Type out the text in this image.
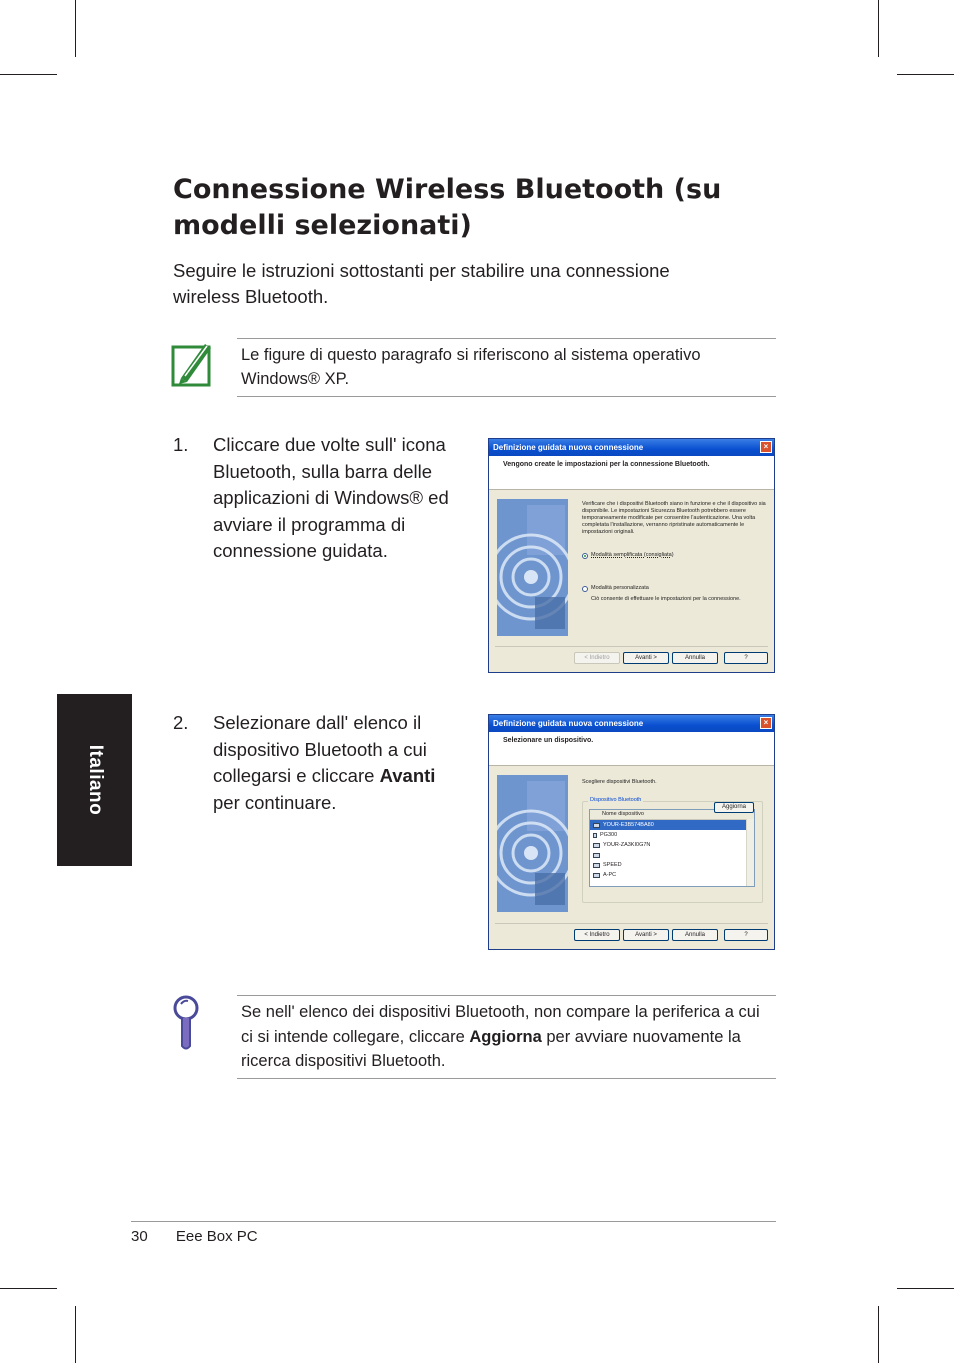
Connessione Wireless Bluetooth (su modelli selezionati)

Seguire le istruzioni sottostanti per stabilire una connessione wireless Bluetooth.

Italiano

Le figure di questo paragrafo si riferiscono al sistema operativo Windows® XP.

1. Cliccare due volte sull' icona Bluetooth, sulla barra delle applicazioni di Windows® ed avviare il programma di connessione guidata.
Definizione guidata nuova connessione	×
Vengono create le impostazioni per la connessione Bluetooth.
Verificare che i dispositivi Bluetooth siano in funzione e che il dispositivo sia disponibile. Le impostazioni Sicurezza Bluetooth potrebbero essere temporaneamente modificate per consentire l'autenticazione. Una volta completata l'installazione, verranno ripristinate automaticamente le impostazioni originali.
Modalità semplificata (consigliata)
Modalità personalizzata
Ciò consente di effettuare le impostazioni per la connessione.
< Indietro	Avanti >	Annulla	?
2. Selezionare dall' elenco il dispositivo Bluetooth a cui collegarsi e cliccare Avanti per continuare.
Definizione guidata nuova connessione	×
Selezionare un dispositivo.
Scegliere dispositivi Bluetooth.
Dispositivo Bluetooth
Nome dispositivo
YOUR-E3B574BA80
PG300
YOUR-ZA3KI0G7N
SPEED
A-PC
Aggiorna
< Indietro	Avanti >	Annulla	?

Se nell' elenco dei dispositivi Bluetooth, non compare la periferica a cui ci si intende collegare, cliccare Aggiorna per avviare nuovamente la ricerca dispositivi Bluetooth.

30 Eee Box PC
